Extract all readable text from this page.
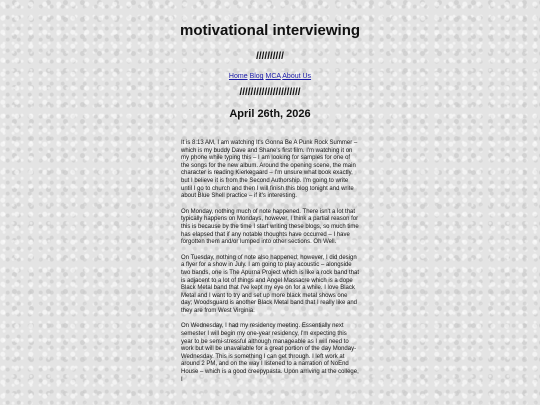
motivational interviewing

//////////

Home Blog MCA About Us

//////////////////////

April 26th, 2026

It is 8:13 AM, I am watching It's Gonna Be A Punk Rock Summer – which is my buddy Dave and Shane's first film. I'm watching it on my phone while typing this – I am looking for samples for one of the songs for the new album. Around the opening scene, the main character is reading Kierkegaard – I'm unsure what book exactly, but I believe it is from the Second Authorship. I'm going to write until I go to church and then I will finish this blog tonight and write about Blue Shell practice – if it's interesting.

On Monday, nothing much of note happened. There isn't a lot that typically happens on Mondays, however, I think a partial reason for this is because by the time I start writing these blogs, so much time has elapsed that if any notable thoughts have occurred – I have forgotten them and/or lumped into other sections. Oh Well.

On Tuesday, nothing of note also happened; however, I did design a flyer for a show in July. I am going to play acoustic – alongside two bands, one is The Apurna Project which is like a rock band that is adjacent to a lot of things and Angel Massacre which is a dope Black Metal band that I've kept my eye on for a while. I love Black Metal and I want to try and set up more black metal shows one day; Woodsguard is another Black Metal band that I really like and they are from West Virginia.

On Wednesday, I had my residency meeting. Essentially next semester I will begin my one-year residency, I'm expecting this year to be semi-stressful although manageable as I will need to work but will be unavailable for a great portion of the day Monday-Wednesday. This is something I can get through. I left work at around 2 PM, and on the way I listened to a narration of NoEnd House – which is a good creepypasta. Upon arriving at the college, I
